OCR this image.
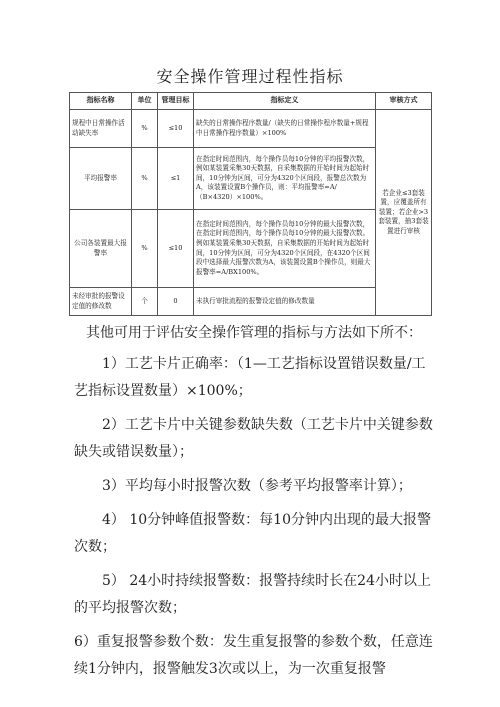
安全操作管理过程性指标
指标名称	单位	管理目标	指标定义	审核方式
规程中日常操作活动缺失率	%	≤10	缺失的日常操作程序数量/（缺失的日常操作程序数量+规程中日常操作程序数量）×100%	若企业≤3套装置，应覆盖所有装置；若企业>3套装置，抽3套装置进行审核
平均报警率	%	≤1	在指定时间范围内，每个操作员每10分钟的平均报警次数，例如某装置采集30天数据，自采集数据的开始时间为起始时间，10分钟为区间，可分为4320个区间段，报警总次数为A，该装置设置B个操作员，则：平均报警率=A/（B×4320）×100%。	
公司各装置最大报警率	%	≤10	在指定时间范围内，每个操作员每10分钟的最大报警次数，在指定时间范围内，每个操作员每10分钟的最大报警次数。例如某装置采集30天数据，自采集数据的开始时间为起始时间，10分钟为区间，可分为4320个区间段，在4320个区间段中选择最大报警次数为A，该装置设置B个操作员，则最大报警率=A/BX100%。	
未经审批的报警设定值的修改数	个	0	未执行审批流程的报警设定值的修改数量	

其他可用于评估安全操作管理的指标与方法如下所不：

1）工艺卡片正确率：（1—工艺指标设置错误数量/工艺指标设置数量）×100%；

2）工艺卡片中关键参数缺失数（工艺卡片中关键参数缺失或错误数量）；

3）平均每小时报警次数（参考平均报警率计算）；

4） 10分钟峰值报警数：每10分钟内出现的最大报警次数；

5） 24小时持续报警数：报警持续时长在24小时以上的平均报警次数；

6）重复报警参数个数：发生重复报警的参数个数，任意连续1分钟内，报警触发3次或以上，为一次重复报警
